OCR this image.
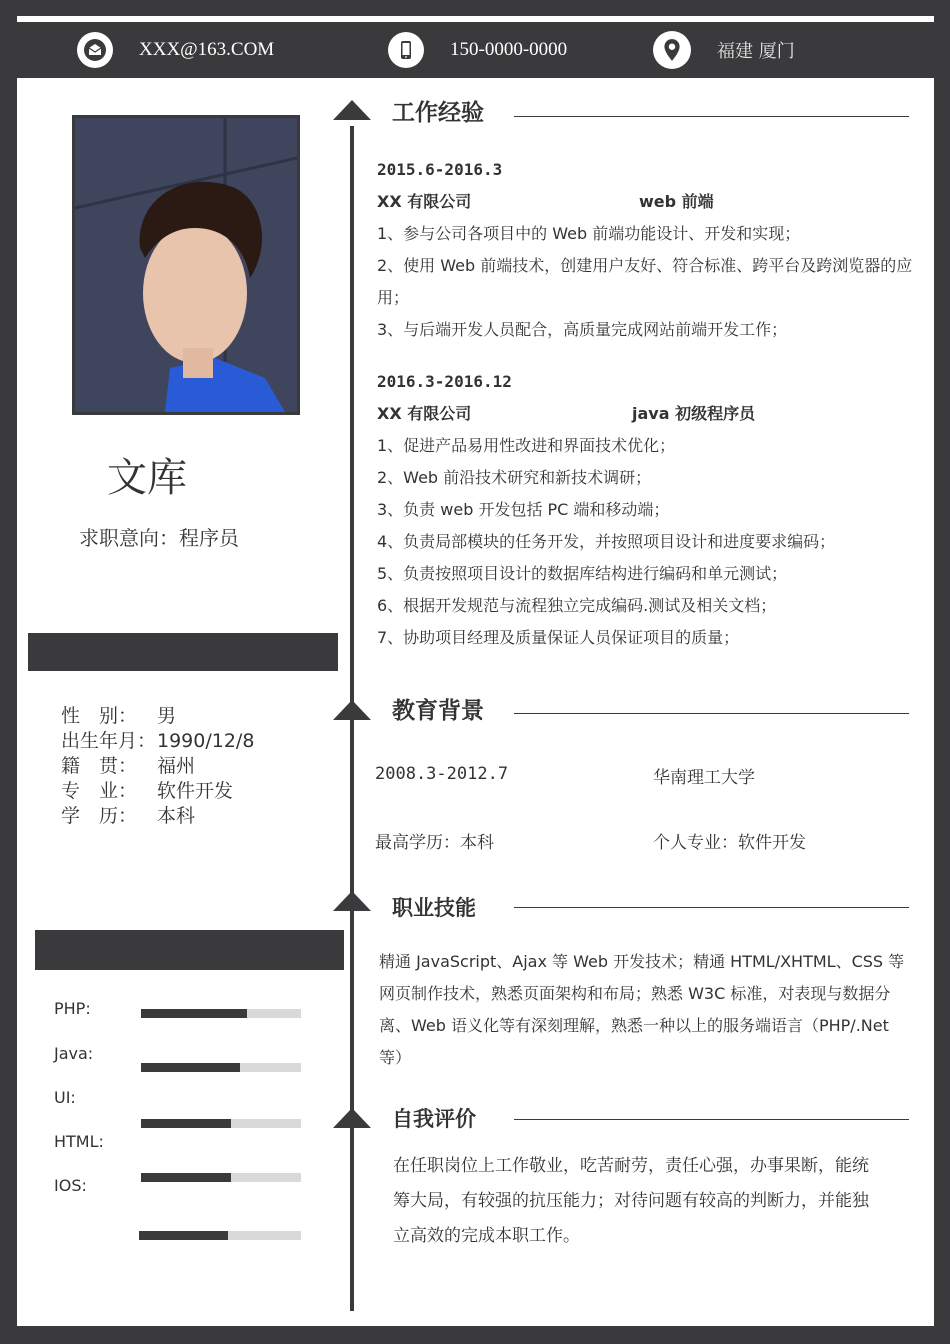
XXX@163.COM	150-0000-0000	福建 厦门
文库
求职意向：程序员
性　别：	男
出生年月： 1990/12/8
籍　贯：	福州
专　业：	软件开发
学　历：	本科
PHP:
Java:
UI:
HTML:
IOS:
工作经验
2015.6-2016.3
XX 有限公司	web 前端
1、参与公司各项目中的 Web 前端功能设计、开发和实现；
2、使用 Web 前端技术，创建用户友好、符合标准、跨平台及跨浏览器的应用；
3、与后端开发人员配合，高质量完成网站前端开发工作；
2016.3-2016.12
XX 有限公司	java 初级程序员
1、促进产品易用性改进和界面技术优化；
2、Web 前沿技术研究和新技术调研；
3、负责 web 开发包括 PC 端和移动端；
4、负责局部模块的任务开发，并按照项目设计和进度要求编码；
5、负责按照项目设计的数据库结构进行编码和单元测试；
6、根据开发规范与流程独立完成编码.测试及相关文档；
7、协助项目经理及质量保证人员保证项目的质量；
教育背景
2008.3-2012.7	华南理工大学
最高学历：本科	个人专业：软件开发
职业技能
精通 JavaScript、Ajax 等 Web 开发技术；精通 HTML/XHTML、CSS 等网页制作技术，熟悉页面架构和布局；熟悉 W3C 标准，对表现与数据分离、Web 语义化等有深刻理解，熟悉一种以上的服务端语言（PHP/.Net 等）
自我评价
在任职岗位上工作敬业，吃苦耐劳，责任心强，办事果断，能统筹大局，有较强的抗压能力；对待问题有较高的判断力，并能独立高效的完成本职工作。
